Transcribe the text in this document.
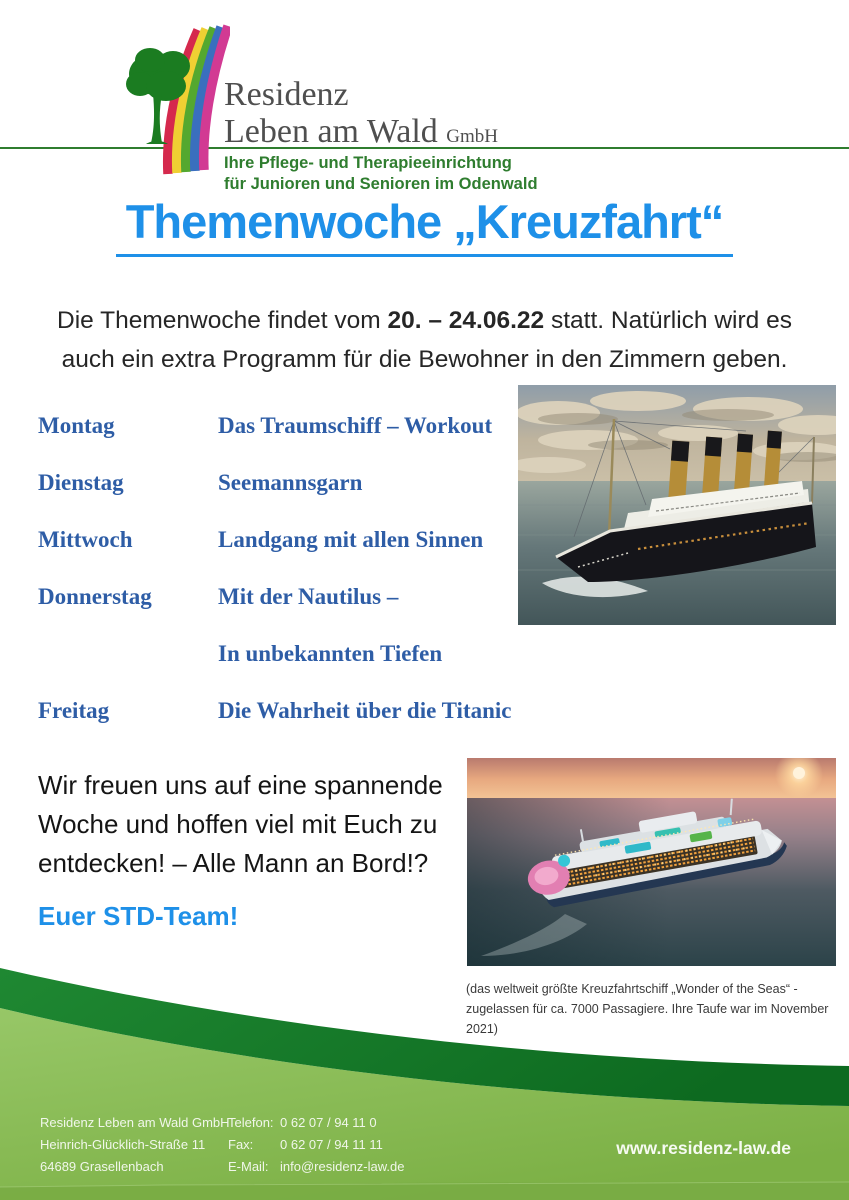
Residenz
Leben am Wald GmbH
Ihre Pflege- und Therapieeinrichtung
für Junioren und Senioren im Odenwald
Themenwoche „Kreuzfahrt“
Die Themenwoche findet vom 20. – 24.06.22 statt. Natürlich wird es auch ein extra Programm für die Bewohner in den Zimmern geben.
Montag	Das Traumschiff – Workout
Dienstag	Seemannsgarn
Mittwoch	Landgang mit allen Sinnen
Donnerstag	Mit der Nautilus –
In unbekannten Tiefen
Freitag	Die Wahrheit über die Titanic
Wir freuen uns auf eine spannende Woche und hoffen viel mit Euch zu entdecken! – Alle Mann an Bord!?
Euer STD-Team!
(das weltweit größte Kreuzfahrtschiff „Wonder of the Seas“ - zugelassen für ca. 7000 Passagiere. Ihre Taufe war im November 2021)
Residenz Leben am Wald GmbH
Heinrich-Glücklich-Straße 11
64689 Grasellenbach
Telefon: 0 62 07 / 94 11 0
Fax: 0 62 07 / 94 11 11
E-Mail: info@residenz-law.de
www.residenz-law.de
